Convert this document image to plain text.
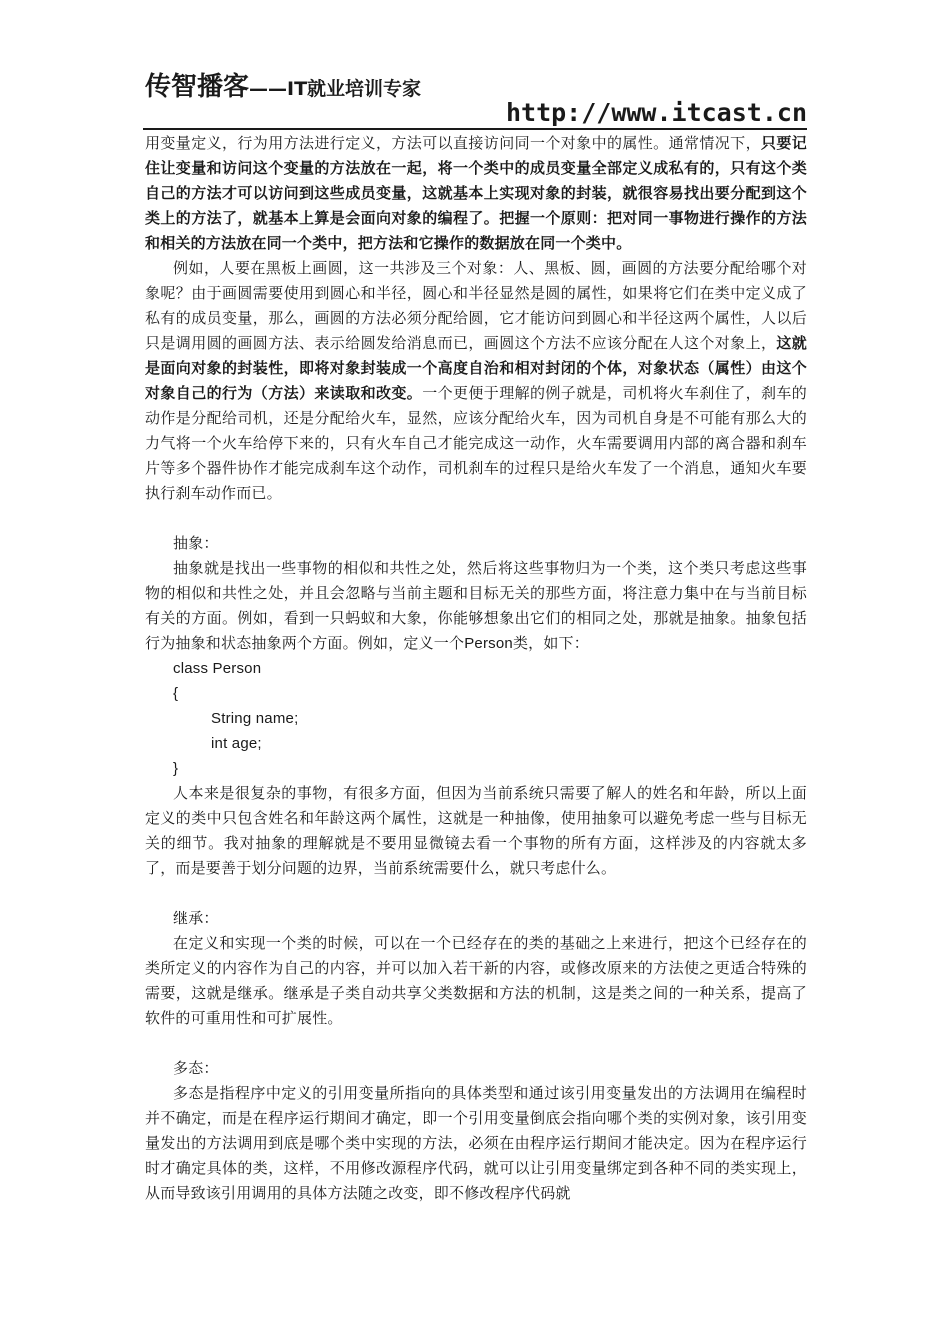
传智播客——IT就业培训专家
http://www.itcast.cn

用变量定义，行为用方法进行定义，方法可以直接访问同一个对象中的属性。通常情况下，只要记住让变量和访问这个变量的方法放在一起，将一个类中的成员变量全部定义成私有的，只有这个类自己的方法才可以访问到这些成员变量，这就基本上实现对象的封装，就很容易找出要分配到这个类上的方法了，就基本上算是会面向对象的编程了。把握一个原则：把对同一事物进行操作的方法和相关的方法放在同一个类中，把方法和它操作的数据放在同一个类中。

例如，人要在黑板上画圆，这一共涉及三个对象：人、黑板、圆，画圆的方法要分配给哪个对象呢？由于画圆需要使用到圆心和半径，圆心和半径显然是圆的属性，如果将它们在类中定义成了私有的成员变量，那么，画圆的方法必须分配给圆，它才能访问到圆心和半径这两个属性，人以后只是调用圆的画圆方法、表示给圆发给消息而已，画圆这个方法不应该分配在人这个对象上，这就是面向对象的封装性，即将对象封装成一个高度自治和相对封闭的个体，对象状态（属性）由这个对象自己的行为（方法）来读取和改变。一个更便于理解的例子就是，司机将火车刹住了，刹车的动作是分配给司机，还是分配给火车，显然，应该分配给火车，因为司机自身是不可能有那么大的力气将一个火车给停下来的，只有火车自己才能完成这一动作，火车需要调用内部的离合器和刹车片等多个器件协作才能完成刹车这个动作，司机刹车的过程只是给火车发了一个消息，通知火车要执行刹车动作而已。

抽象：

抽象就是找出一些事物的相似和共性之处，然后将这些事物归为一个类，这个类只考虑这些事物的相似和共性之处，并且会忽略与当前主题和目标无关的那些方面，将注意力集中在与当前目标有关的方面。例如，看到一只蚂蚁和大象，你能够想象出它们的相同之处，那就是抽象。抽象包括行为抽象和状态抽象两个方面。例如，定义一个Person类，如下：

class Person

{

String name;

int age;

}

人本来是很复杂的事物，有很多方面，但因为当前系统只需要了解人的姓名和年龄，所以上面定义的类中只包含姓名和年龄这两个属性，这就是一种抽像，使用抽象可以避免考虑一些与目标无关的细节。我对抽象的理解就是不要用显微镜去看一个事物的所有方面，这样涉及的内容就太多了，而是要善于划分问题的边界，当前系统需要什么，就只考虑什么。

继承：

在定义和实现一个类的时候，可以在一个已经存在的类的基础之上来进行，把这个已经存在的类所定义的内容作为自己的内容，并可以加入若干新的内容，或修改原来的方法使之更适合特殊的需要，这就是继承。继承是子类自动共享父类数据和方法的机制，这是类之间的一种关系，提高了软件的可重用性和可扩展性。

多态：

多态是指程序中定义的引用变量所指向的具体类型和通过该引用变量发出的方法调用在编程时并不确定，而是在程序运行期间才确定，即一个引用变量倒底会指向哪个类的实例对象，该引用变量发出的方法调用到底是哪个类中实现的方法，必须在由程序运行期间才能决定。因为在程序运行时才确定具体的类，这样，不用修改源程序代码，就可以让引用变量绑定到各种不同的类实现上，从而导致该引用调用的具体方法随之改变，即不修改程序代码就
